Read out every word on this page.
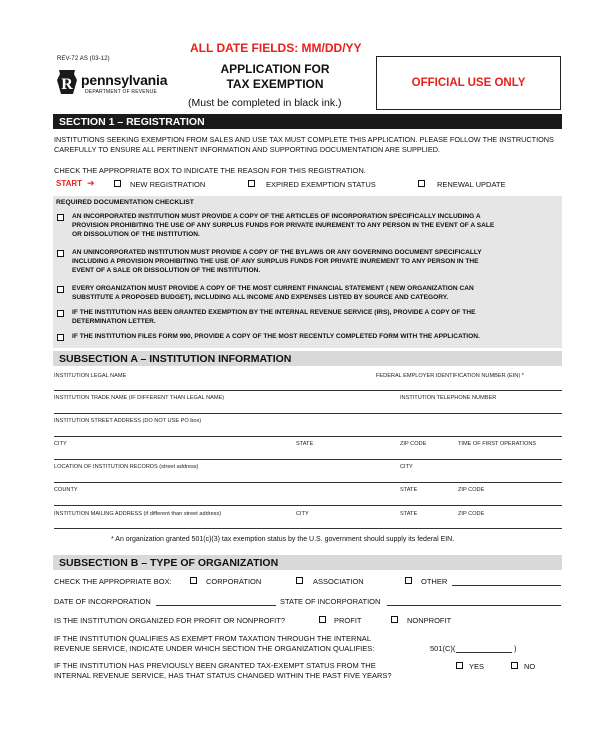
ALL DATE FIELDS: MM/DD/YY
REV-72 AS (03-12)
R pennsylvania
DEPARTMENT OF REVENUE
APPLICATION FOR
TAX EXEMPTION
(Must be completed in black ink.)
OFFICIAL USE ONLY
SECTION 1 – REGISTRATION
INSTITUTIONS SEEKING EXEMPTION FROM SALES AND USE TAX MUST COMPLETE THIS APPLICATION. PLEASE FOLLOW THE INSTRUCTIONS
CAREFULLY TO ENSURE ALL PERTINENT INFORMATION AND SUPPORTING DOCUMENTATION ARE SUPPLIED.
CHECK THE APPROPRIATE BOX TO INDICATE THE REASON FOR THIS REGISTRATION.
START ➔	NEW REGISTRATION	EXPIRED EXEMPTION STATUS	RENEWAL UPDATE
REQUIRED DOCUMENTATION CHECKLIST
AN INCORPORATED INSTITUTION MUST PROVIDE A COPY OF THE ARTICLES OF INCORPORATION SPECIFICALLY INCLUDING A
PROVISION PROHIBITING THE USE OF ANY SURPLUS FUNDS FOR PRIVATE INUREMENT TO ANY PERSON IN THE EVENT OF A SALE
OR DISSOLUTION OF THE INSTITUTION.
AN UNINCORPORATED INSTITUTION MUST PROVIDE A COPY OF THE BYLAWS OR ANY GOVERNING DOCUMENT SPECIFICALLY
INCLUDING A PROVISION PROHIBITING THE USE OF ANY SURPLUS FUNDS FOR PRIVATE INUREMENT TO ANY PERSON IN THE
EVENT OF A SALE OR DISSOLUTION OF THE INSTITUTION.
EVERY ORGANIZATION MUST PROVIDE A COPY OF THE MOST CURRENT FINANCIAL STATEMENT ( NEW ORGANIZATION CAN
SUBSTITUTE A PROPOSED BUDGET), INCLUDING ALL INCOME AND EXPENSES LISTED BY SOURCE AND CATEGORY.
IF THE INSTITUTION HAS BEEN GRANTED EXEMPTION BY THE INTERNAL REVENUE SERVICE (IRS), PROVIDE A COPY OF THE
DETERMINATION LETTER.
IF THE INSTITUTION FILES FORM 990, PROVIDE A COPY OF THE MOST RECENTLY COMPLETED FORM WITH THE APPLICATION.
SUBSECTION A – INSTITUTION INFORMATION
INSTITUTION LEGAL NAME	FEDERAL EMPLOYER IDENTIFICATION NUMBER (EIN) *
INSTITUTION TRADE NAME (IF DIFFERENT THAN LEGAL NAME)	INSTITUTION TELEPHONE NUMBER
INSTITUTION STREET ADDRESS (DO NOT USE PO box)
CITY	STATE	ZIP CODE	TIME OF FIRST OPERATIONS
LOCATION OF INSTITUTION RECORDS (street address)	CITY
COUNTY	STATE	ZIP CODE
INSTITUTION MAILING ADDRESS (if different than street address)	CITY	STATE	ZIP CODE
* An organization granted 501(c)(3) tax exemption status by the U.S. government should supply its federal EIN.
SUBSECTION B – TYPE OF ORGANIZATION
CHECK THE APPROPRIATE BOX:	CORPORATION	ASSOCIATION	OTHER
DATE OF INCORPORATION	STATE OF INCORPORATION
IS THE INSTITUTION ORGANIZED FOR PROFIT OR NONPROFIT?	PROFIT	NONPROFIT
IF THE INSTITUTION QUALIFIES AS EXEMPT FROM TAXATION THROUGH THE INTERNAL
REVENUE SERVICE, INDICATE UNDER WHICH SECTION THE ORGANIZATION QUALIFIES:	501(C)(	)
IF THE INSTITUTION HAS PREVIOUSLY BEEN GRANTED TAX-EXEMPT STATUS FROM THE
INTERNAL REVENUE SERVICE, HAS THAT STATUS CHANGED WITHIN THE PAST FIVE YEARS?
YES	NO
